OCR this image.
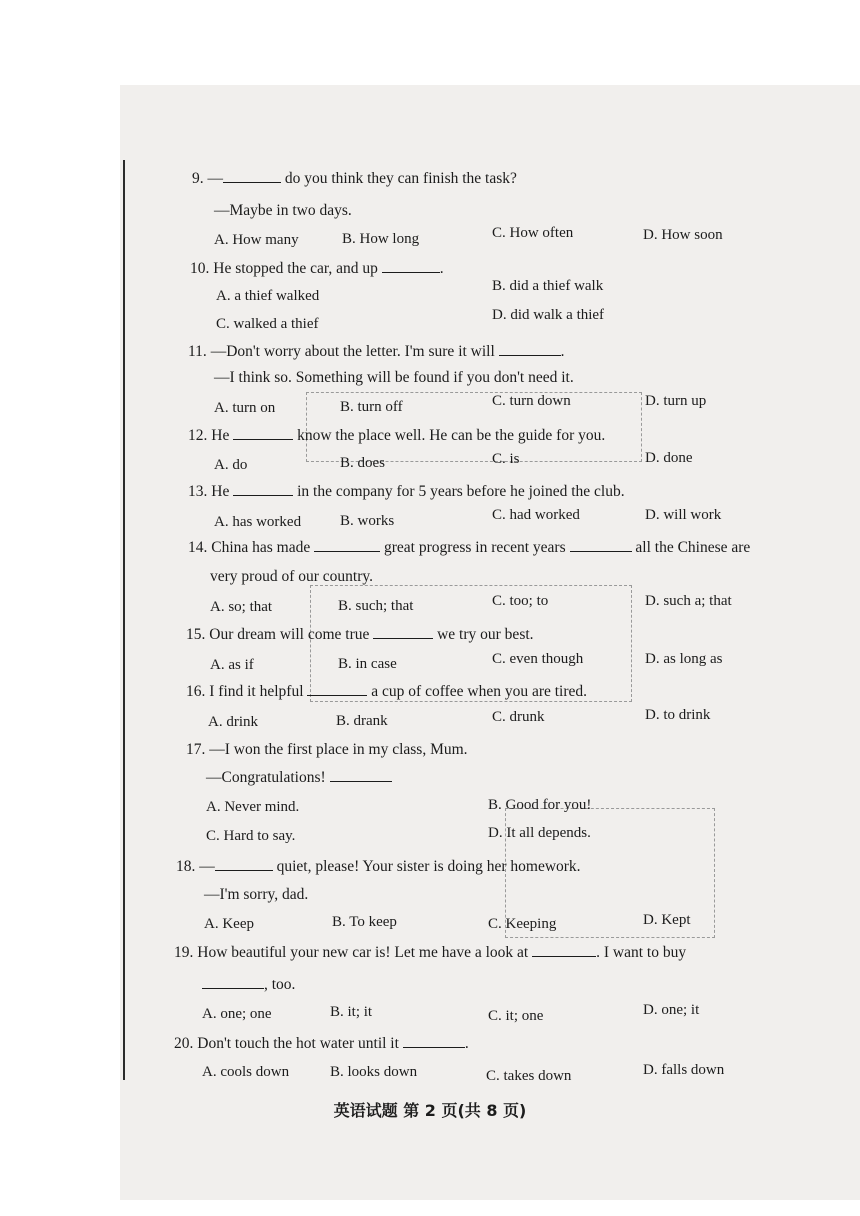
9. —	do you think they can finish the task?
—Maybe in two days.
A. How many	B. How long	C. How often	D. How soon
10. He stopped the car, and up	.
A. a thief walked
B. did a thief walk
C. walked a thief
D. did walk a thief
11. —Don't worry about the letter. I'm sure it will	.
—I think so. Something will be found if you don't need it.
A. turn on	B. turn off	C. turn down	D. turn up
12. He	know the place well. He can be the guide for you.
A. do	B. does	C. is	D. done
13. He	in the company for 5 years before he joined the club.
A. has worked	B. works	C. had worked	D. will work
14. China has made	great progress in recent years	all the Chinese are
very proud of our country.
A. so; that	B. such; that	C. too; to	D. such a; that
15. Our dream will come true	we try our best.
A. as if	B. in case	C. even though	D. as long as
16. I find it helpful	a cup of coffee when you are tired.
A. drink	B. drank	C. drunk	D. to drink
17. —I won the first place in my class, Mum.
—Congratulations!
A. Never mind.	B. Good for you!
C. Hard to say.	D. It all depends.
18. —	quiet, please! Your sister is doing her homework.
—I'm sorry, dad.
A. Keep	B. To keep	C. Keeping	D. Kept
19. How beautiful your new car is! Let me have a look at	. I want to buy
, too.
A. one; one	B. it; it	C. it; one	D. one; it
20. Don't touch the hot water until it	.
A. cools down	B. looks down	C. takes down	D. falls down
英语试题 第 2 页(共 8 页)
